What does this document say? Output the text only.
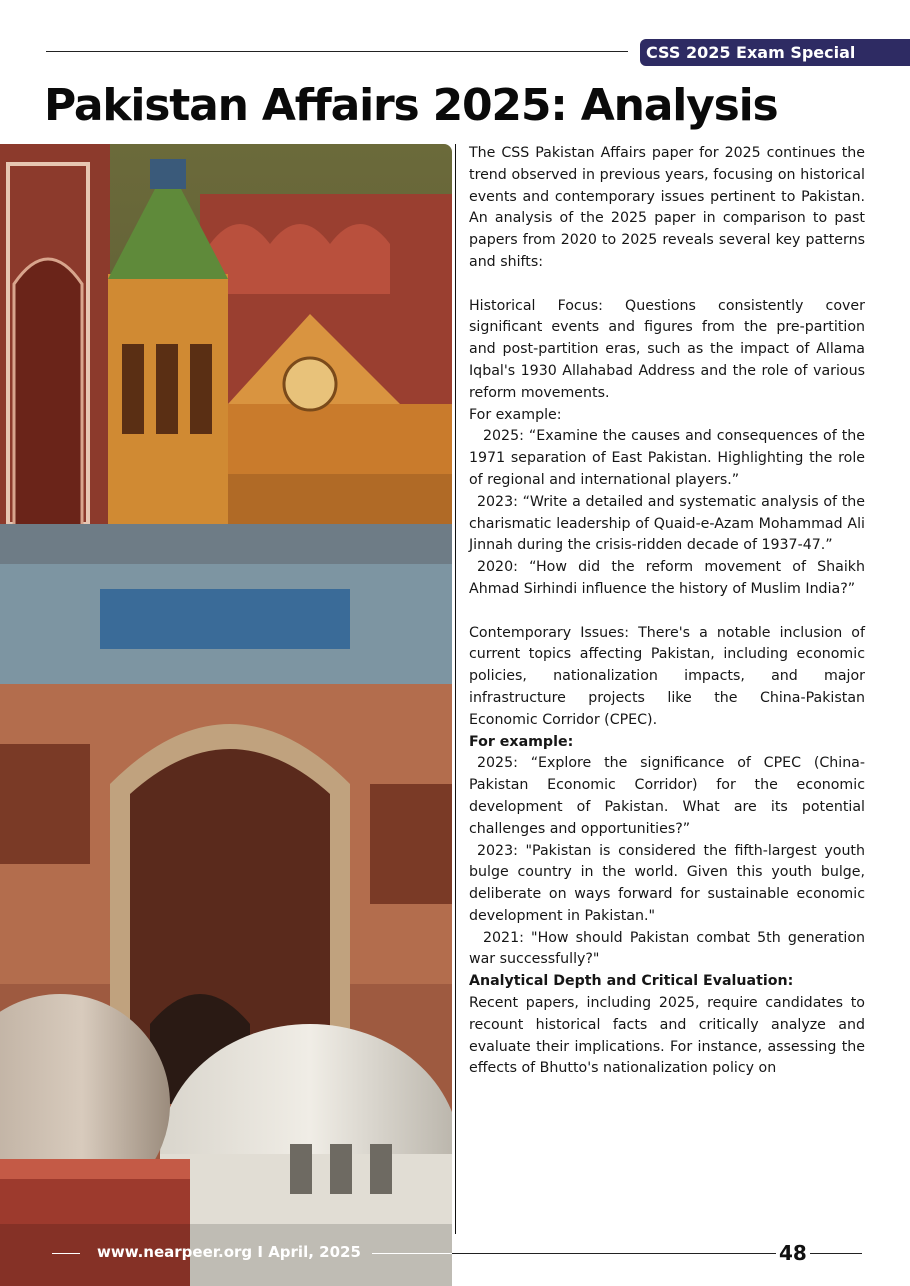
CSS 2025 Exam Special
Pakistan Affairs 2025: Analysis

The CSS Pakistan Affairs paper for 2025 continues the trend observed in previous years, focusing on historical events and contemporary issues pertinent to Pakistan. An analysis of the 2025 paper in comparison to past papers from 2020 to 2025 reveals several key patterns and shifts:

Historical Focus: Questions consistently cover significant events and figures from the pre-partition and post-partition eras, such as the impact of Allama Iqbal's 1930 Allahabad Address and the role of various reform movements.

For example:

2025: “Examine the causes and consequences of the 1971 separation of East Pakistan. Highlighting the role of regional and international players.”

2023: “Write a detailed and systematic analysis of the charismatic leadership of Quaid-e-Azam Mohammad Ali Jinnah during the crisis-ridden decade of 1937-47.”

2020: “How did the reform movement of Shaikh Ahmad Sirhindi influence the history of Muslim India?”

Contemporary Issues: There's a notable inclusion of current topics affecting Pakistan, including economic policies, nationalization impacts, and major infrastructure projects like the China-Pakistan Economic Corridor (CPEC).

For example:

2025: “Explore the significance of CPEC (China-Pakistan Economic Corridor) for the economic development of Pakistan. What are its potential challenges and opportunities?”

2023: "Pakistan is considered the fifth-largest youth bulge country in the world. Given this youth bulge, deliberate on ways forward for sustainable economic development in Pakistan."

2021: "How should Pakistan combat 5th generation war successfully?"

Analytical Depth and Critical Evaluation:

Recent papers, including 2025, require candidates to recount historical facts and critically analyze and evaluate their implications. For instance, assessing the effects of Bhutto's nationalization policy on

www.nearpeer.org I April, 2025	48
